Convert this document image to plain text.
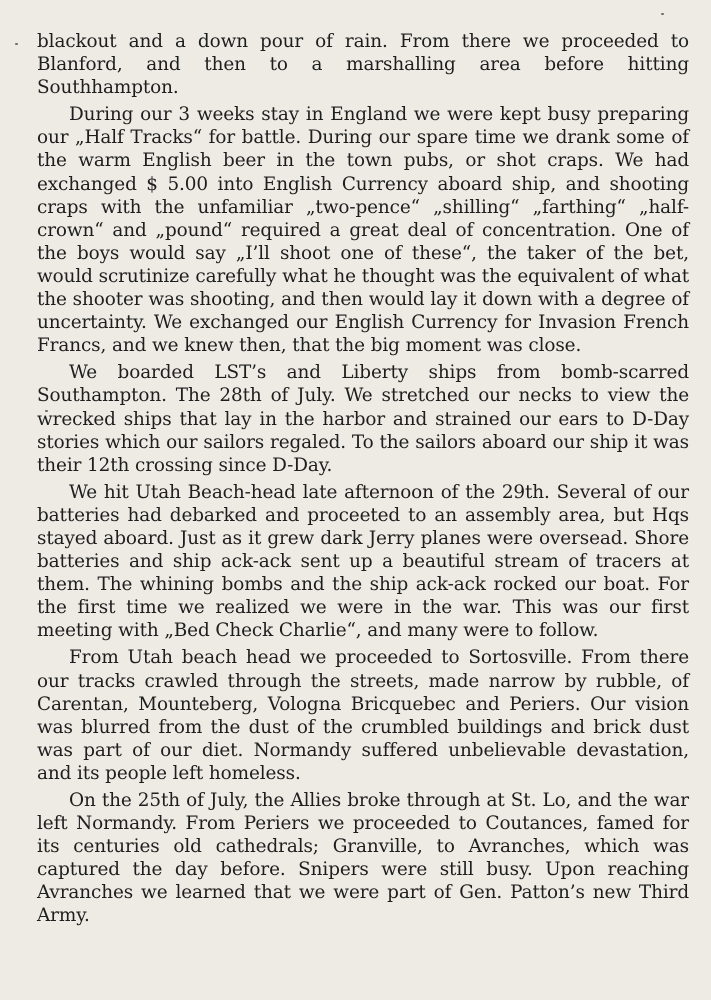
blackout and a down pour of rain. From there we proceeded to Blanford, and then to a marshalling area before hitting Southhampton.

During our 3 weeks stay in England we were kept busy preparing our „Half Tracks“ for battle. During our spare time we drank some of the warm English beer in the town pubs, or shot craps. We had exchanged $ 5.00 into English Currency aboard ship, and shooting craps with the unfamiliar „two-pence“ „shilling“ „farthing“ „half-crown“ and „pound“ required a great deal of concentration. One of the boys would say „I’ll shoot one of these“, the taker of the bet, would scrutinize carefully what he thought was the equivalent of what the shooter was shooting, and then would lay it down with a degree of uncertainty. We exchanged our English Currency for Invasion French Francs, and we knew then, that the big moment was close.

We boarded LST’s and Liberty ships from bomb-scarred Southampton. The 28th of July. We stretched our necks to view the wrecked ships that lay in the harbor and strained our ears to D-Day stories which our sailors regaled. To the sailors aboard our ship it was their 12th crossing since D-Day.

We hit Utah Beach-head late afternoon of the 29th. Several of our batteries had debarked and proceeted to an assembly area, but Hqs stayed aboard. Just as it grew dark Jerry planes were oversead. Shore batteries and ship ack-ack sent up a beautiful stream of tracers at them. The whining bombs and the ship ack-ack rocked our boat. For the first time we realized we were in the war. This was our first meeting with „Bed Check Charlie“, and many were to follow.

From Utah beach head we proceeded to Sortosville. From there our tracks crawled through the streets, made narrow by rubble, of Carentan, Mounteberg, Vologna Bricquebec and Periers. Our vision was blurred from the dust of the crumbled buildings and brick dust was part of our diet. Normandy suffered unbelievable devastation, and its people left homeless.

On the 25th of July, the Allies broke through at St. Lo, and the war left Normandy. From Periers we proceeded to Coutances, famed for its centuries old cathedrals; Granville, to Avranches, which was captured the day before. Snipers were still busy. Upon reaching Avranches we learned that we were part of Gen. Patton’s new Third Army.
